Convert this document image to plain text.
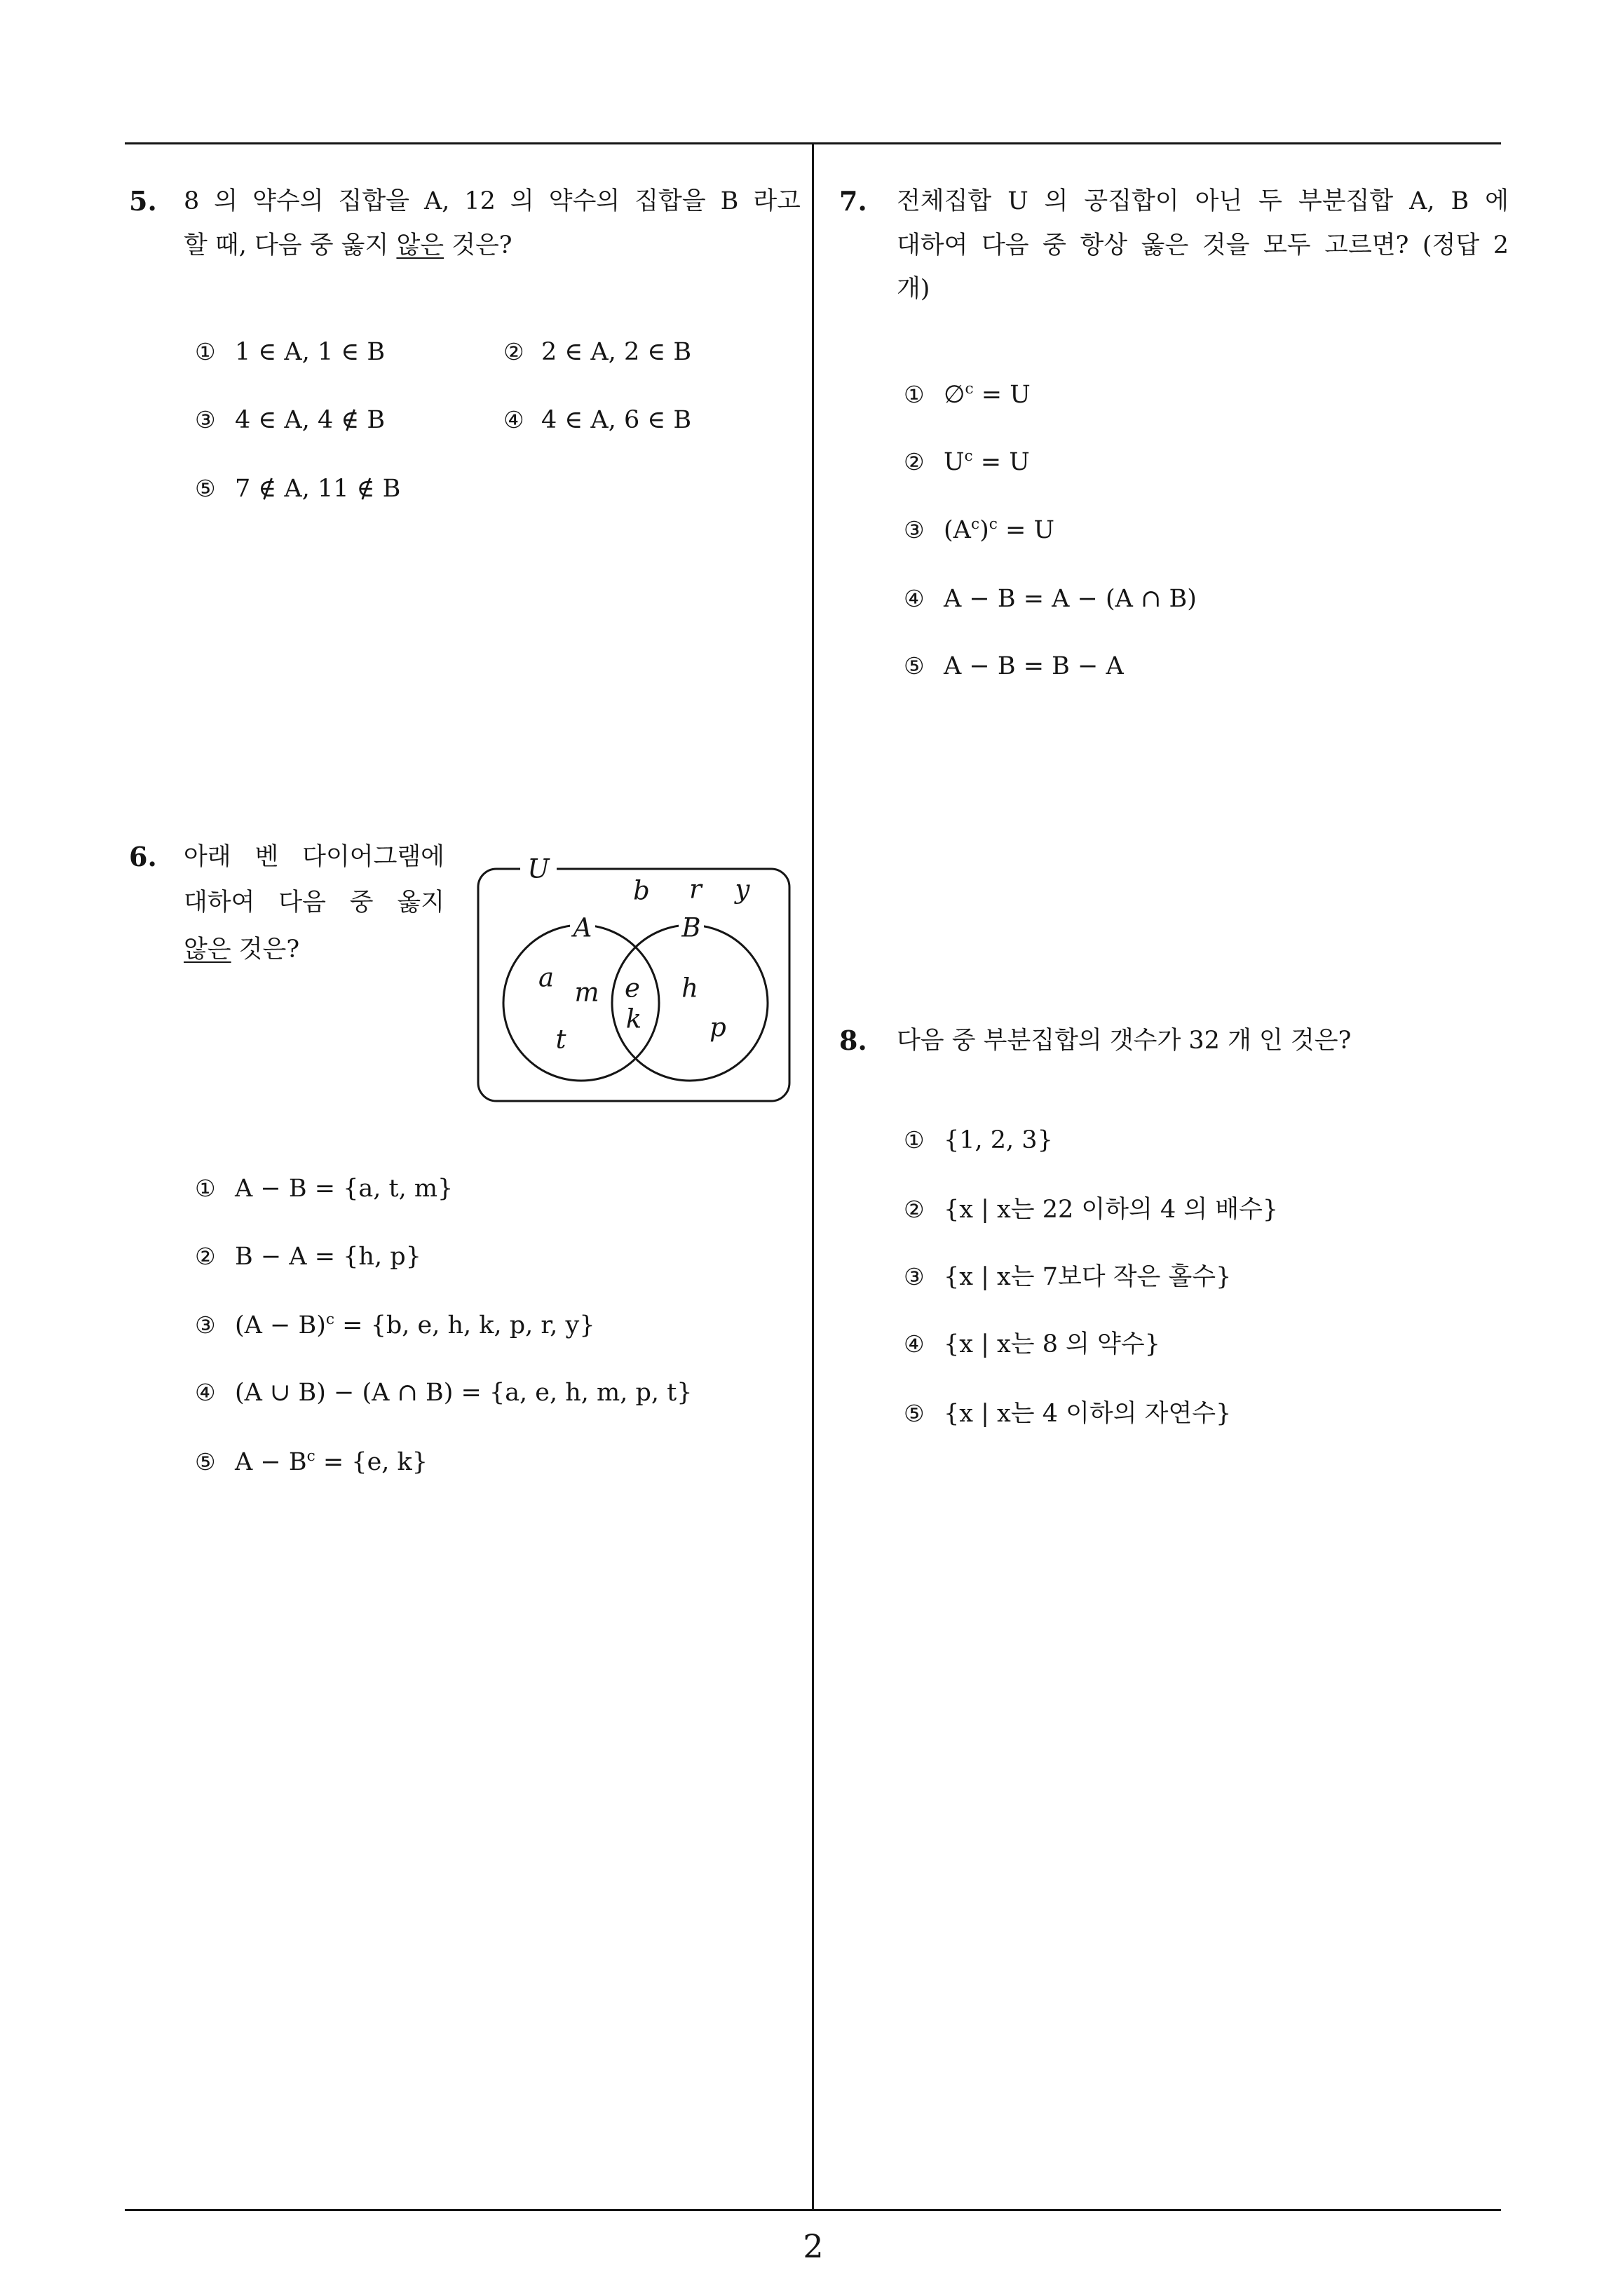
5. 8 의 약수의 집합을 A, 12 의 약수의 집합을 B 라고
할 때, 다음 중 옳지 않은 것은?
① 1 ∈ A, 1 ∈ B	② 2 ∈ A, 2 ∈ B
③ 4 ∈ A, 4 ∉ B	④ 4 ∈ A, 6 ∈ B
⑤ 7 ∉ A, 11 ∉ B
6. 아래 벤 다이어그램에
대하여 다음 중 옳지
않은 것은?
U
A	B
b r y
a m
t
e
k
h
p
① A − B = {a, t, m}
② B − A = {h, p}
③ $(A - B)^c = \{b$, e, h, k, p, r, y}
④ (A ∪ B) − (A ∩ B) = {a, e, h, m, p, t}
⑤ $A - B^c = \{e$, k}
7. 전체집합 U 의 공집합이 아닌 두 부분집합 A, B 에
대하여 다음 중 항상 옳은 것을 모두 고르면? (정답 2
개)
① ∅$^c$ = U
② $U^c = U$
③ $(A^c)^c = U$
④ A − B = A − (A ∩ B)
⑤ A − B = B − A
8. 다음 중 부분집합의 갯수가 32 개 인 것은?
① {1, 2, 3}
② {x | x는 22 이하의 4 의 배수}
③ {x | x는 7보다 작은 홀수}
④ {x | x는 8 의 약수}
⑤ {x | x는 4 이하의 자연수}
2
